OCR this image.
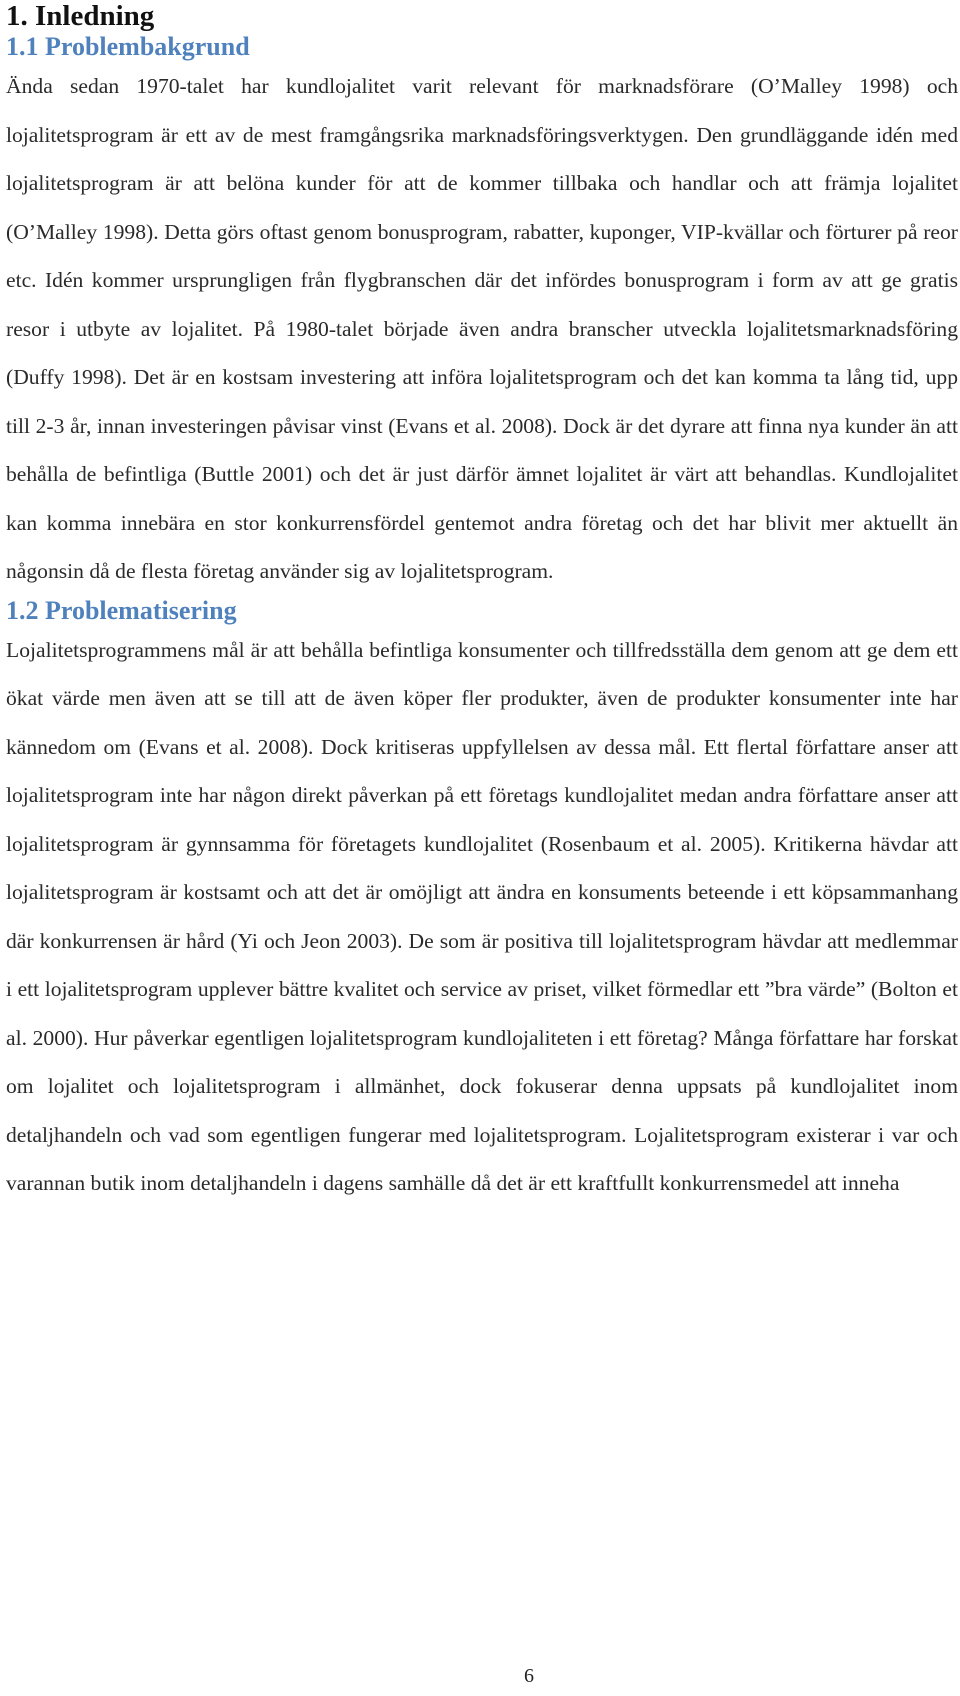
1. Inledning
1.1 Problembakgrund

Ända sedan 1970-talet har kundlojalitet varit relevant för marknadsförare (O’Malley 1998) och lojalitetsprogram är ett av de mest framgångsrika marknadsföringsverktygen. Den grundläggande idén med lojalitetsprogram är att belöna kunder för att de kommer tillbaka och handlar och att främja lojalitet (O’Malley 1998). Detta görs oftast genom bonusprogram, rabatter, kuponger, VIP-kvällar och förturer på reor etc. Idén kommer ursprungligen från flygbranschen där det infördes bonusprogram i form av att ge gratis resor i utbyte av lojalitet. På 1980-talet började även andra branscher utveckla lojalitetsmarknadsföring (Duffy 1998). Det är en kostsam investering att införa lojalitetsprogram och det kan komma ta lång tid, upp till 2-3 år, innan investeringen påvisar vinst (Evans et al. 2008). Dock är det dyrare att finna nya kunder än att behålla de befintliga (Buttle 2001) och det är just därför ämnet lojalitet är värt att behandlas. Kundlojalitet kan komma innebära en stor konkurrensfördel gentemot andra företag och det har blivit mer aktuellt än någonsin då de flesta företag använder sig av lojalitetsprogram.

1.2 Problematisering

Lojalitetsprogrammens mål är att behålla befintliga konsumenter och tillfredsställa dem genom att ge dem ett ökat värde men även att se till att de även köper fler produkter, även de produkter konsumenter inte har kännedom om (Evans et al. 2008). Dock kritiseras uppfyllelsen av dessa mål. Ett flertal författare anser att lojalitetsprogram inte har någon direkt påverkan på ett företags kundlojalitet medan andra författare anser att lojalitetsprogram är gynnsamma för företagets kundlojalitet (Rosenbaum et al. 2005). Kritikerna hävdar att lojalitetsprogram är kostsamt och att det är omöjligt att ändra en konsuments beteende i ett köpsammanhang där konkurrensen är hård (Yi och Jeon 2003). De som är positiva till lojalitetsprogram hävdar att medlemmar i ett lojalitetsprogram upplever bättre kvalitet och service av priset, vilket förmedlar ett ”bra värde” (Bolton et al. 2000). Hur påverkar egentligen lojalitetsprogram kundlojaliteten i ett företag? Många författare har forskat om lojalitet och lojalitetsprogram i allmänhet, dock fokuserar denna uppsats på kundlojalitet inom detaljhandeln och vad som egentligen fungerar med lojalitetsprogram. Lojalitetsprogram existerar i var och varannan butik inom detaljhandeln i dagens samhälle då det är ett kraftfullt konkurrensmedel att inneha

6
